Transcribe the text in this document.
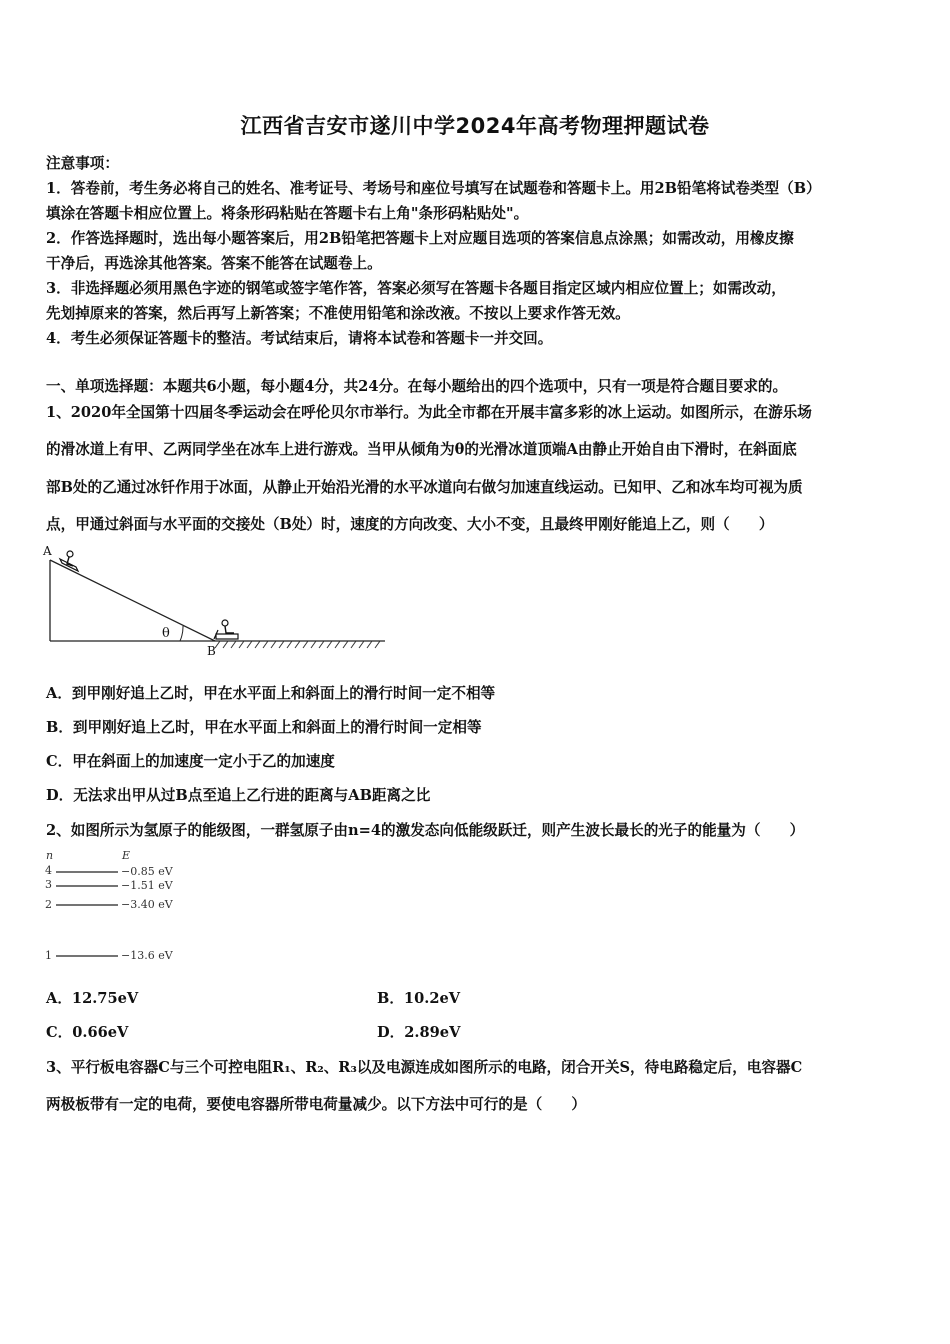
江西省吉安市遂川中学2024年高考物理押题试卷
注意事项：
1．答卷前，考生务必将自己的姓名、准考证号、考场号和座位号填写在试题卷和答题卡上。用2B铅笔将试卷类型（B）
填涂在答题卡相应位置上。将条形码粘贴在答题卡右上角"条形码粘贴处"。
2．作答选择题时，选出每小题答案后，用2B铅笔把答题卡上对应题目选项的答案信息点涂黑；如需改动，用橡皮擦
干净后，再选涂其他答案。答案不能答在试题卷上。
3．非选择题必须用黑色字迹的钢笔或签字笔作答，答案必须写在答题卡各题目指定区域内相应位置上；如需改动，
先划掉原来的答案，然后再写上新答案；不准使用铅笔和涂改液。不按以上要求作答无效。
4．考生必须保证答题卡的整洁。考试结束后，请将本试卷和答题卡一并交回。
一、单项选择题：本题共6小题，每小题4分，共24分。在每小题给出的四个选项中，只有一项是符合题目要求的。
1、2020年全国第十四届冬季运动会在呼伦贝尔市举行。为此全市都在开展丰富多彩的冰上运动。如图所示，在游乐场
的滑冰道上有甲、乙两同学坐在冰车上进行游戏。当甲从倾角为θ的光滑冰道顶端A由静止开始自由下滑时，在斜面底
部B处的乙通过冰钎作用于冰面，从静止开始沿光滑的水平冰道向右做匀加速直线运动。已知甲、乙和冰车均可视为质
点，甲通过斜面与水平面的交接处（B处）时，速度的方向改变、大小不变，且最终甲刚好能追上乙，则（　　）
A
B
θ
A．到甲刚好追上乙时，甲在水平面上和斜面上的滑行时间一定不相等
B．到甲刚好追上乙时，甲在水平面上和斜面上的滑行时间一定相等
C．甲在斜面上的加速度一定小于乙的加速度
D．无法求出甲从过B点至追上乙行进的距离与AB距离之比
2、如图所示为氢原子的能级图，一群氢原子由n=4的激发态向低能级跃迁，则产生波长最长的光子的能量为（　　）
n	E
4	−0.85 eV
3	−1.51 eV
2	−3.40 eV
1	−13.6 eV
A．12.75eV	B．10.2eV
C．0.66eV	D．2.89eV
3、平行板电容器C与三个可控电阻R₁、R₂、R₃以及电源连成如图所示的电路，闭合开关S，待电路稳定后，电容器C
两极板带有一定的电荷，要使电容器所带电荷量减少。以下方法中可行的是（　　）
